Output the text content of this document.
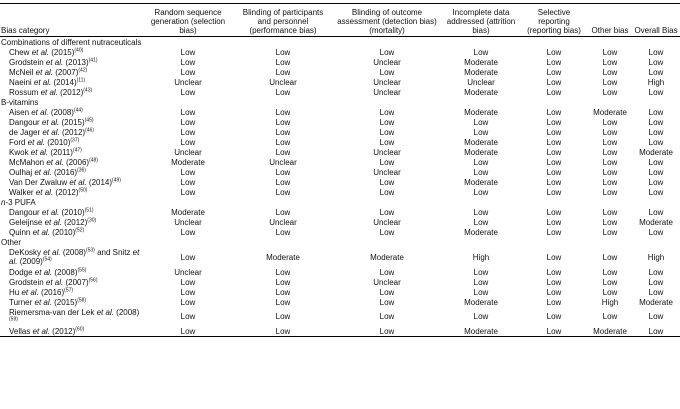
Bias category	Random sequence generation (selection bias)	Blinding of participants and personnel (performance bias)	Blinding of outcome assessment (detection bias) (mortality)	Incomplete data addressed (attrition bias)	Selective reporting (reporting bias)	Other bias	Overall Bias
Combinations of different nutraceuticals							
Chew et al. $(2015)^{(40)}$	Low	Low	Low	Low	Low	Low	Low
Grodstein et al. $(2013)^{(41)}$	Low	Low	Unclear	Moderate	Low	Low	Low
McNeil et al. $(2007)^{(42)}$	Low	Low	Low	Moderate	Low	Low	Low
Naeini et al. $(2014)^{(11)}$	Unclear	Unclear	Unclear	Unclear	Low	Low	High
Rossum et al. $(2012)^{(43)}$	Low	Low	Unclear	Moderate	Low	Low	Low
B-vitamins							
Aisen et al. $(2008)^{(44)}$	Low	Low	Low	Moderate	Low	Moderate	Low
Dangour et al. $(2015)^{(45)}$	Low	Low	Low	Low	Low	Low	Low
de Jager et al. $(2012)^{(46)}$	Low	Low	Low	Low	Low	Low	Low
Ford et al. $(2010)^{(37)}$	Low	Low	Low	Moderate	Low	Low	Low
Kwok et al. $(2011)^{(47)}$	Unclear	Low	Unclear	Moderate	Low	Low	Moderate
McMahon et al. $(2006)^{(48)}$	Moderate	Unclear	Low	Low	Low	Low	Low
Oulhaj et al. $(2016)^{(36)}$	Low	Low	Unclear	Low	Low	Low	Low
Van Der Zwaluw et al. $(2014)^{(49)}$	Low	Low	Low	Moderate	Low	Low	Low
Walker et al. $(2012)^{(50)}$	Low	Low	Low	Low	Low	Low	Low
n-3 PUFA							
Dangour et al. $(2010)^{(51)}$	Moderate	Low	Low	Low	Low	Low	Low
Geleijnse et al. $(2012)^{(30)}$	Unclear	Unclear	Unclear	Low	Low	Low	Moderate
Quinn et al. $(2010)^{(52)}$	Low	Low	Low	Moderate	Low	Low	Low
Other							
DeKosky et al. $(2008)^{(53)}$ and Snitz et al. $(2009)^{(54)}$	Low	Moderate	Moderate	High	Low	Low	High
Dodge et al. $(2008)^{(55)}$	Unclear	Low	Low	Low	Low	Low	Low
Grodstein et al. $(2007)^{(56)}$	Low	Low	Unclear	Low	Low	Low	Low
Hu et al. $(2016)^{(57)}$	Low	Low	Low	Low	Low	Low	Low
Turner et al. $(2015)^{(58)}$	Low	Low	Low	Moderate	Low	High	Moderate
Riemersma-van der Lek et al. $(2008)^{(59)}$	Low	Low	Low	Low	Low	Low	Low
Vellas et al. $(2012)^{(60)}$	Low	Low	Low	Moderate	Low	Moderate	Low
